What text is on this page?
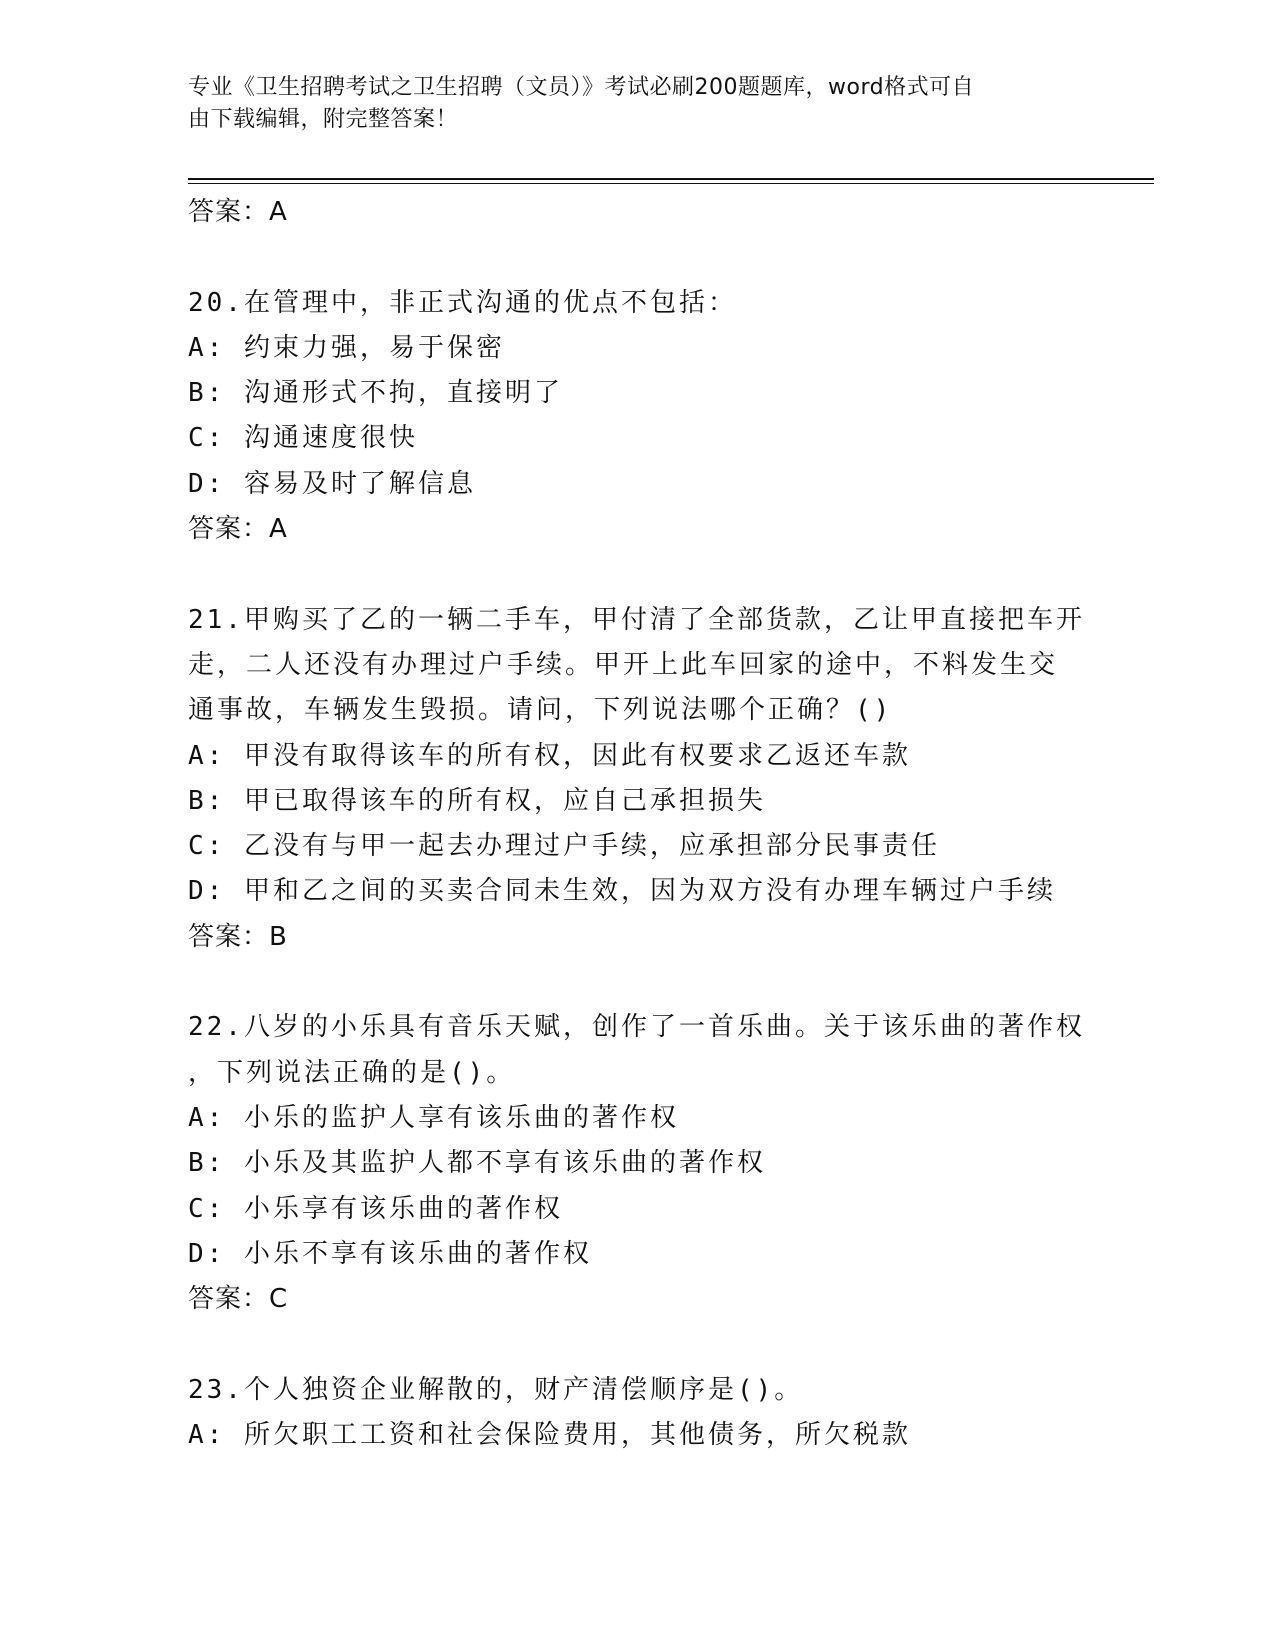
专业《卫生招聘考试之卫生招聘（文员）》考试必刷200题题库，word格式可自
由下载编辑，附完整答案！
答案：A
20.在管理中，非正式沟通的优点不包括：
A: 约束力强，易于保密
B: 沟通形式不拘，直接明了
C: 沟通速度很快
D: 容易及时了解信息
答案：A
21.甲购买了乙的一辆二手车，甲付清了全部货款，乙让甲直接把车开
走，二人还没有办理过户手续。甲开上此车回家的途中，不料发生交
通事故，车辆发生毁损。请问，下列说法哪个正确？()
A: 甲没有取得该车的所有权，因此有权要求乙返还车款
B: 甲已取得该车的所有权，应自己承担损失
C: 乙没有与甲一起去办理过户手续，应承担部分民事责任
D: 甲和乙之间的买卖合同未生效，因为双方没有办理车辆过户手续
答案：B
22.八岁的小乐具有音乐天赋，创作了一首乐曲。关于该乐曲的著作权
，下列说法正确的是()。
A: 小乐的监护人享有该乐曲的著作权
B: 小乐及其监护人都不享有该乐曲的著作权
C: 小乐享有该乐曲的著作权
D: 小乐不享有该乐曲的著作权
答案：C
23.个人独资企业解散的，财产清偿顺序是()。
A: 所欠职工工资和社会保险费用，其他债务，所欠税款
